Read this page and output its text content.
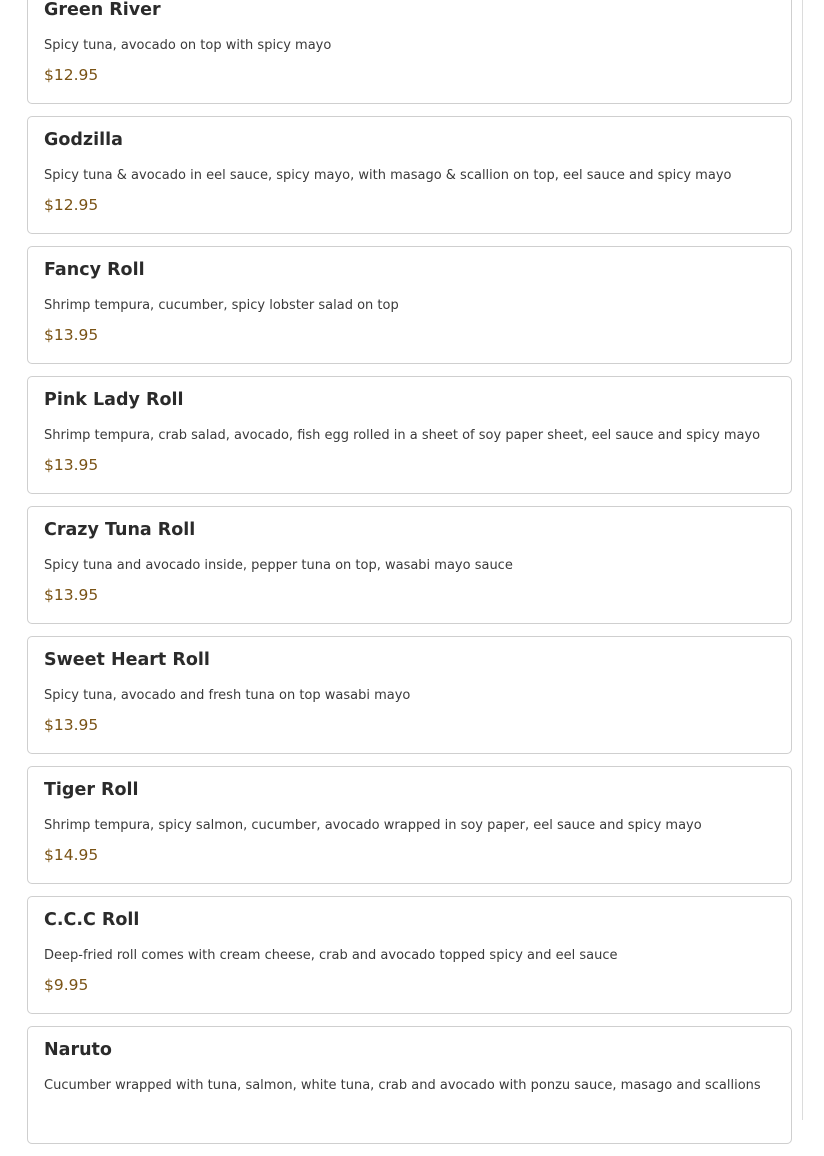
Green River
Spicy tuna, avocado on top with spicy mayo
$12.95
Godzilla
Spicy tuna & avocado in eel sauce, spicy mayo, with masago & scallion on top, eel sauce and spicy mayo
$12.95
Fancy Roll
Shrimp tempura, cucumber, spicy lobster salad on top
$13.95
Pink Lady Roll
Shrimp tempura, crab salad, avocado, fish egg rolled in a sheet of soy paper sheet, eel sauce and spicy mayo
$13.95
Crazy Tuna Roll
Spicy tuna and avocado inside, pepper tuna on top, wasabi mayo sauce
$13.95
Sweet Heart Roll
Spicy tuna, avocado and fresh tuna on top wasabi mayo
$13.95
Tiger Roll
Shrimp tempura, spicy salmon, cucumber, avocado wrapped in soy paper, eel sauce and spicy mayo
$14.95
C.C.C Roll
Deep-fried roll comes with cream cheese, crab and avocado topped spicy and eel sauce
$9.95
Naruto
Cucumber wrapped with tuna, salmon, white tuna, crab and avocado with ponzu sauce, masago and scallions
